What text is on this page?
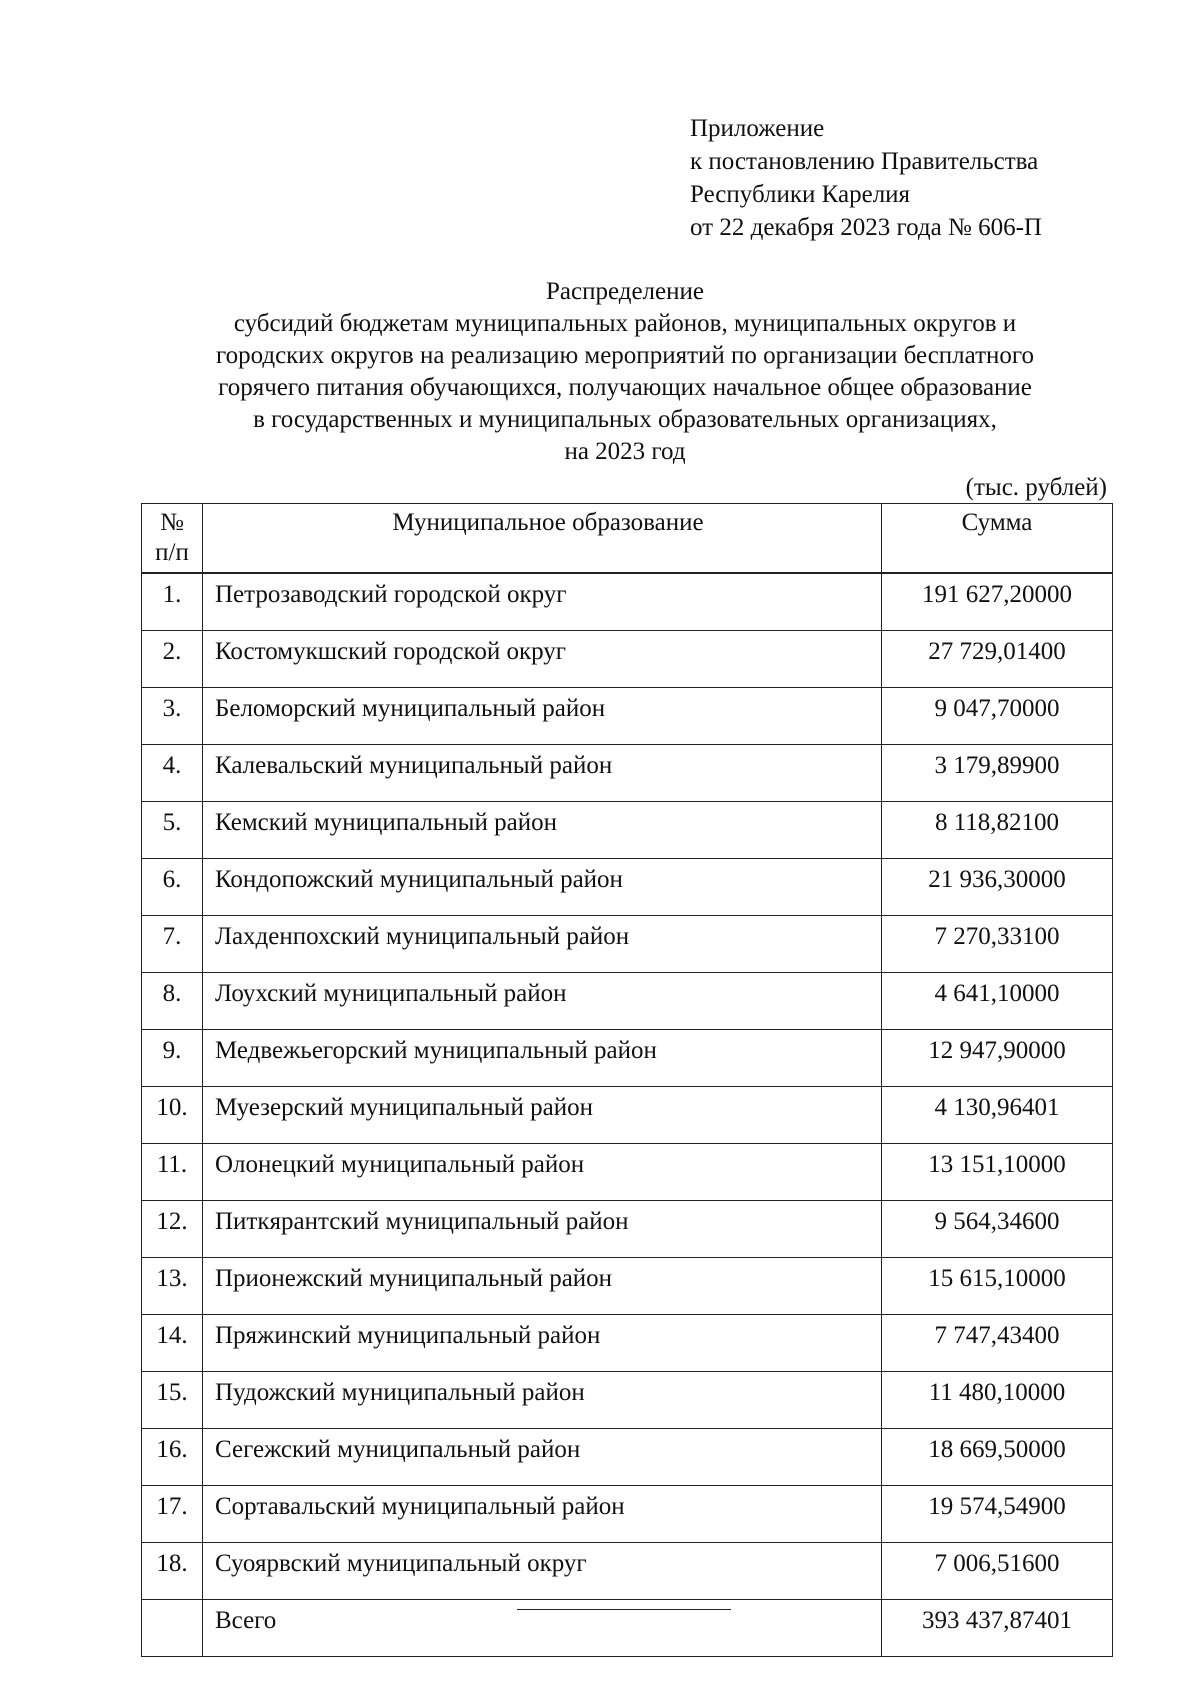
Приложение
к постановлению Правительства
Республики Карелия
от 22 декабря 2023 года № 606-П
Распределение
субсидий бюджетам муниципальных районов, муниципальных округов и
городских округов на реализацию мероприятий по организации бесплатного
горячего питания обучающихся, получающих начальное общее образование
в государственных и муниципальных образовательных организациях,
на 2023 год
(тыс. рублей)
№
п/п	Муниципальное образование	Сумма
1.	Петрозаводский городской округ	191 627,20000
2.	Костомукшский городской округ	27 729,01400
3.	Беломорский муниципальный район	9 047,70000
4.	Калевальский муниципальный район	3 179,89900
5.	Кемский муниципальный район	8 118,82100
6.	Кондопожский муниципальный район	21 936,30000
7.	Лахденпохский муниципальный район	7 270,33100
8.	Лоухский муниципальный район	4 641,10000
9.	Медвежьегорский муниципальный район	12 947,90000
10.	Муезерский муниципальный район	4 130,96401
11.	Олонецкий муниципальный район	13 151,10000
12.	Питкярантский муниципальный район	9 564,34600
13.	Прионежский муниципальный район	15 615,10000
14.	Пряжинский муниципальный район	7 747,43400
15.	Пудожский муниципальный район	11 480,10000
16.	Сегежский муниципальный район	18 669,50000
17.	Сортавальский муниципальный район	19 574,54900
18.	Суоярвский муниципальный округ	7 006,51600
	Всего	393 437,87401
